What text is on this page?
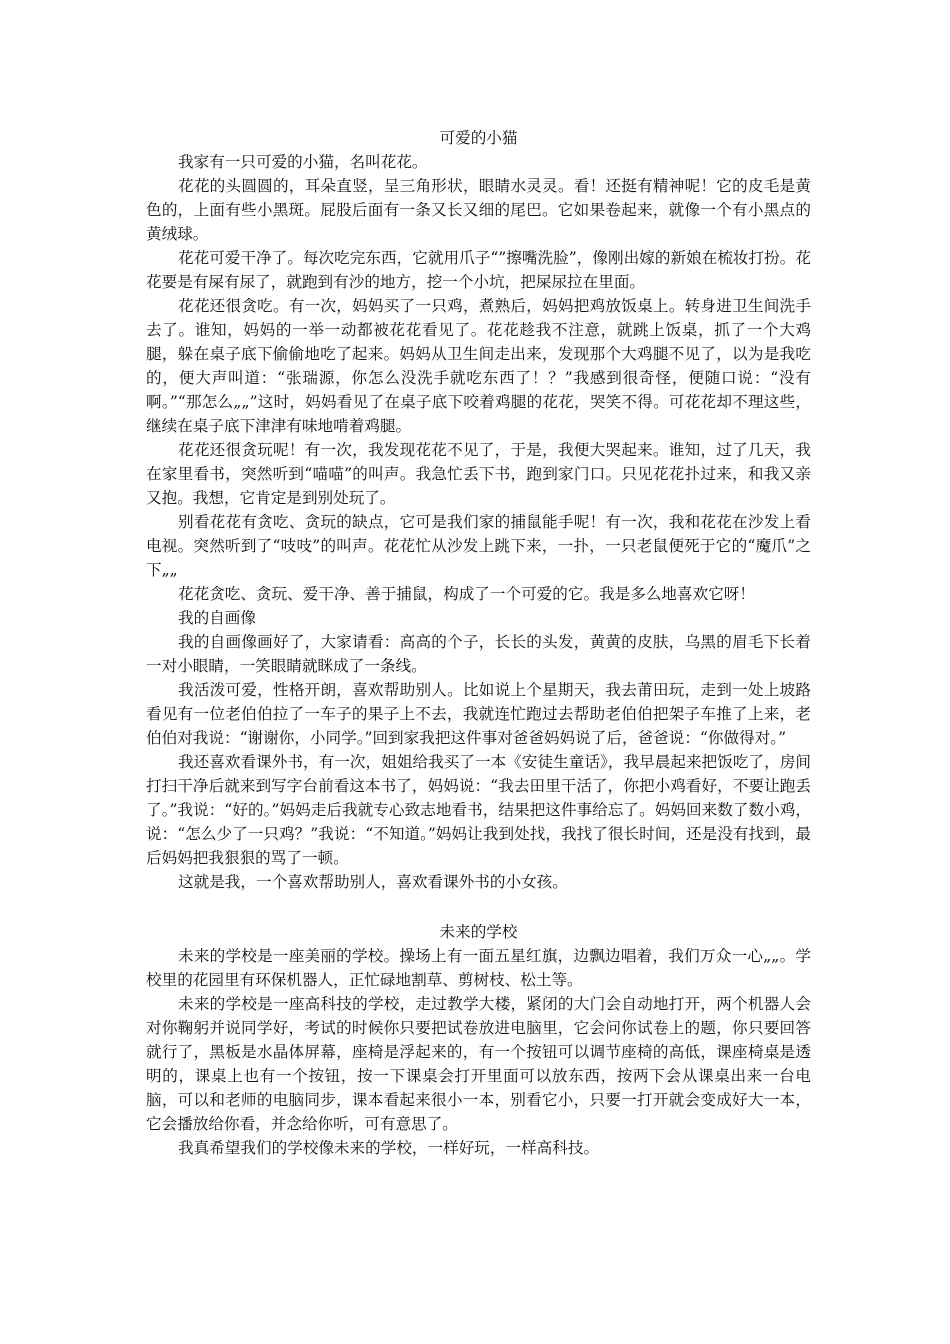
可爱的小猫

我家有一只可爱的小猫，名叫花花。

花花的头圆圆的，耳朵直竖，呈三角形状，眼睛水灵灵。看！还挺有精神呢！它的皮毛是黄色的，上面有些小黑斑。屁股后面有一条又长又细的尾巴。它如果卷起来，就像一个有小黑点的黄绒球。

花花可爱干净了。每次吃完东西，它就用爪子“”擦嘴洗脸”，像刚出嫁的新娘在梳妆打扮。花花要是有屎有尿了，就跑到有沙的地方，挖一个小坑，把屎尿拉在里面。

花花还很贪吃。有一次，妈妈买了一只鸡，煮熟后，妈妈把鸡放饭桌上。转身进卫生间洗手去了。谁知，妈妈的一举一动都被花花看见了。花花趁我不注意，就跳上饭桌，抓了一个大鸡腿，躲在桌子底下偷偷地吃了起来。妈妈从卫生间走出来，发现那个大鸡腿不见了，以为是我吃的，便大声叫道：“张瑞源，你怎么没洗手就吃东西了！？”我感到很奇怪，便随口说：“没有啊。”“那怎么„„”这时，妈妈看见了在桌子底下咬着鸡腿的花花，哭笑不得。可花花却不理这些，继续在桌子底下津津有味地啃着鸡腿。

花花还很贪玩呢！有一次，我发现花花不见了，于是，我便大哭起来。谁知，过了几天，我在家里看书，突然听到“喵喵”的叫声。我急忙丢下书，跑到家门口。只见花花扑过来，和我又亲又抱。我想，它肯定是到别处玩了。

别看花花有贪吃、贪玩的缺点，它可是我们家的捕鼠能手呢！有一次，我和花花在沙发上看电视。突然听到了“吱吱”的叫声。花花忙从沙发上跳下来，一扑，一只老鼠便死于它的“魔爪”之下„„

花花贪吃、贪玩、爱干净、善于捕鼠，构成了一个可爱的它。我是多么地喜欢它呀！

我的自画像

我的自画像画好了，大家请看：高高的个子，长长的头发，黄黄的皮肤，乌黑的眉毛下长着一对小眼睛，一笑眼睛就眯成了一条线。

我活泼可爱，性格开朗，喜欢帮助别人。比如说上个星期天，我去莆田玩，走到一处上坡路看见有一位老伯伯拉了一车子的果子上不去，我就连忙跑过去帮助老伯伯把架子车推了上来，老伯伯对我说：“谢谢你，小同学。”回到家我把这件事对爸爸妈妈说了后，爸爸说：“你做得对。”

我还喜欢看课外书，有一次，姐姐给我买了一本《安徒生童话》，我早晨起来把饭吃了，房间打扫干净后就来到写字台前看这本书了，妈妈说：“我去田里干活了，你把小鸡看好，不要让跑丢了。”我说：“好的。”妈妈走后我就专心致志地看书，结果把这件事给忘了。妈妈回来数了数小鸡，说：“怎么少了一只鸡？”我说：“不知道。”妈妈让我到处找，我找了很长时间，还是没有找到，最后妈妈把我狠狠的骂了一顿。

这就是我，一个喜欢帮助别人，喜欢看课外书的小女孩。

未来的学校

未来的学校是一座美丽的学校。操场上有一面五星红旗，边飘边唱着，我们万众一心„„。学校里的花园里有环保机器人，正忙碌地割草、剪树枝、松土等。

未来的学校是一座高科技的学校，走过教学大楼，紧闭的大门会自动地打开，两个机器人会对你鞠躬并说同学好，考试的时候你只要把试卷放进电脑里，它会问你试卷上的题，你只要回答就行了，黑板是水晶体屏幕，座椅是浮起来的，有一个按钮可以调节座椅的高低，课座椅桌是透明的，课桌上也有一个按钮，按一下课桌会打开里面可以放东西，按两下会从课桌出来一台电脑，可以和老师的电脑同步，课本看起来很小一本，别看它小，只要一打开就会变成好大一本，它会播放给你看，并念给你听，可有意思了。

我真希望我们的学校像未来的学校，一样好玩，一样高科技。
